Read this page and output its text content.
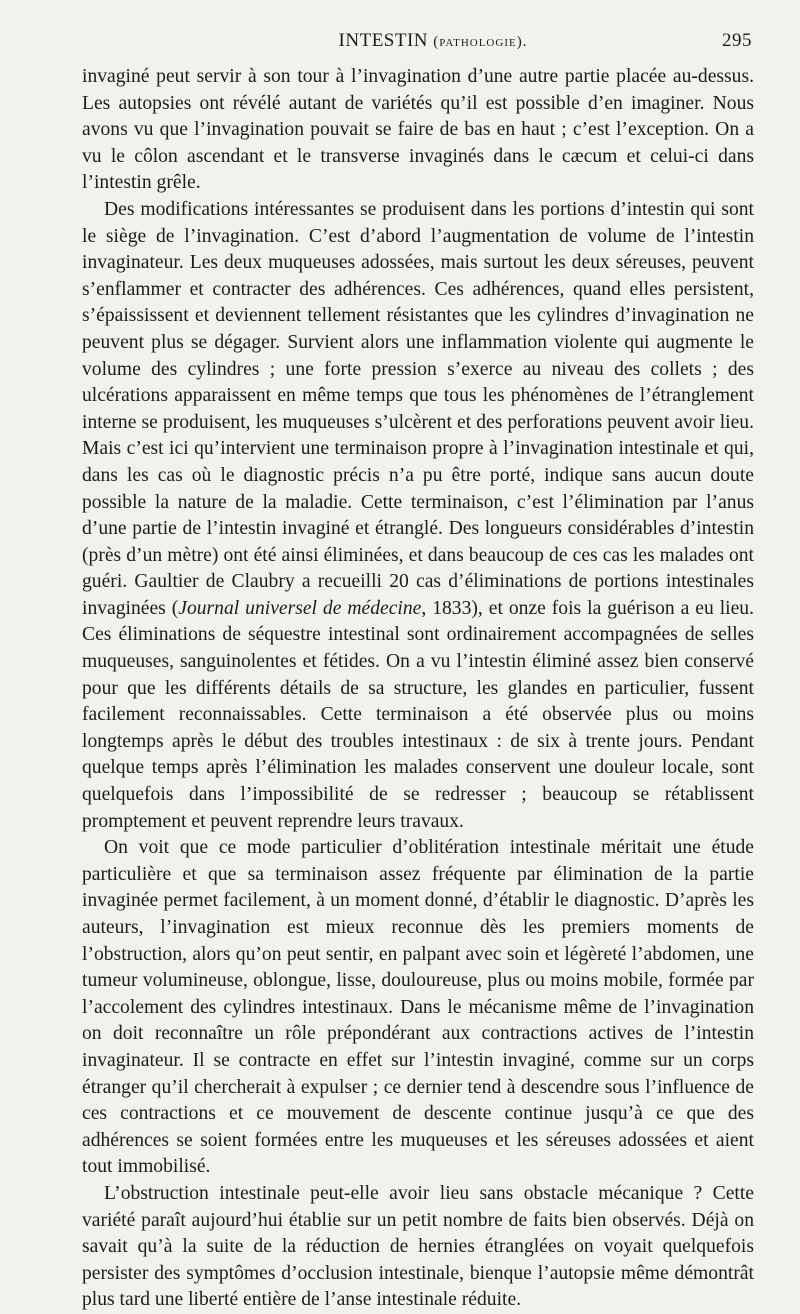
INTESTIN (pathologie).	295

invaginé peut servir à son tour à l’invagination d’une autre partie placée au-dessus. Les autopsies ont révélé autant de variétés qu’il est possible d’en imaginer. Nous avons vu que l’invagination pouvait se faire de bas en haut ; c’est l’exception. On a vu le côlon ascendant et le transverse invaginés dans le cæcum et celui-ci dans l’intestin grêle.

Des modifications intéressantes se produisent dans les portions d’intestin qui sont le siège de l’invagination. C’est d’abord l’augmentation de volume de l’intestin invaginateur. Les deux muqueuses adossées, mais surtout les deux séreuses, peuvent s’enflammer et contracter des adhérences. Ces adhérences, quand elles persistent, s’épaississent et deviennent tellement résistantes que les cylindres d’invagination ne peuvent plus se dégager. Survient alors une inflammation violente qui augmente le volume des cylindres ; une forte pression s’exerce au niveau des collets ; des ulcérations apparaissent en même temps que tous les phénomènes de l’étranglement interne se produisent, les muqueuses s’ulcèrent et des perforations peuvent avoir lieu. Mais c’est ici qu’intervient une terminaison propre à l’invagination intestinale et qui, dans les cas où le diagnostic précis n’a pu être porté, indique sans aucun doute possible la nature de la maladie. Cette terminaison, c’est l’élimination par l’anus d’une partie de l’intestin invaginé et étranglé. Des longueurs considérables d’intestin (près d’un mètre) ont été ainsi éliminées, et dans beaucoup de ces cas les malades ont guéri. Gaultier de Claubry a recueilli 20 cas d’éliminations de portions intestinales invaginées (Journal universel de médecine, 1833), et onze fois la guérison a eu lieu. Ces éliminations de séquestre intestinal sont ordinairement accompagnées de selles muqueuses, sanguinolentes et fétides. On a vu l’intestin éliminé assez bien conservé pour que les différents détails de sa structure, les glandes en particulier, fussent facilement reconnaissables. Cette terminaison a été observée plus ou moins longtemps après le début des troubles intestinaux : de six à trente jours. Pendant quelque temps après l’élimination les malades conservent une douleur locale, sont quelquefois dans l’impossibilité de se redresser ; beaucoup se rétablissent promptement et peuvent reprendre leurs travaux.

On voit que ce mode particulier d’oblitération intestinale méritait une étude particulière et que sa terminaison assez fréquente par élimination de la partie invaginée permet facilement, à un moment donné, d’établir le diagnostic. D’après les auteurs, l’invagination est mieux reconnue dès les premiers moments de l’obstruction, alors qu’on peut sentir, en palpant avec soin et légèreté l’abdomen, une tumeur volumineuse, oblongue, lisse, douloureuse, plus ou moins mobile, formée par l’accolement des cylindres intestinaux. Dans le mécanisme même de l’invagination on doit reconnaître un rôle prépondérant aux contractions actives de l’intestin invaginateur. Il se contracte en effet sur l’intestin invaginé, comme sur un corps étranger qu’il chercherait à expulser ; ce dernier tend à descendre sous l’influence de ces contractions et ce mouvement de descente continue jusqu’à ce que des adhérences se soient formées entre les muqueuses et les séreuses adossées et aient tout immobilisé.

L’obstruction intestinale peut-elle avoir lieu sans obstacle mécanique ? Cette variété paraît aujourd’hui établie sur un petit nombre de faits bien observés. Déjà on savait qu’à la suite de la réduction de hernies étranglées on voyait quelquefois persister des symptômes d’occlusion intestinale, bienque l’autopsie même démontrât plus tard une liberté entière de l’anse intestinale réduite.
